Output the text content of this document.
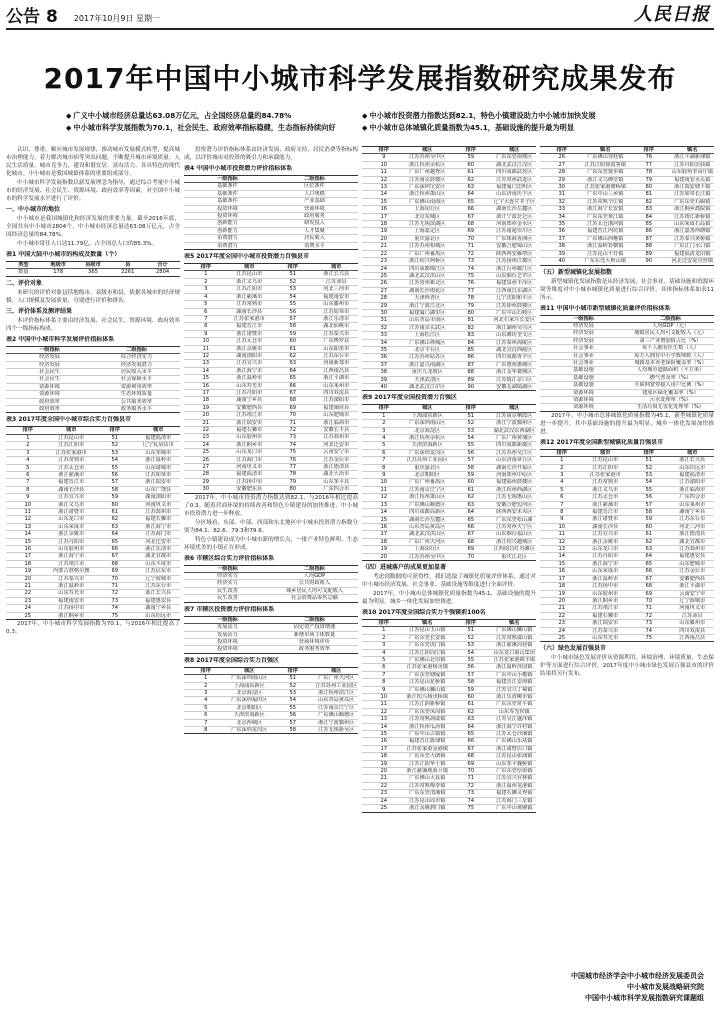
公告 8 2017年10月9日 星期一	人民日报
2017年中国中小城市科学发展指数研究成果发布
◆ 广义中小城市经济总量达63.08万亿元，占全国经济总量的84.78%
◆ 中小城市科学发展指数为70.1，社会民生、政府效率指标稳健，生态指标持续向好
◆ 中小城市投资潜力指数达到82.1，特色小镇建设助力中小城市加快发展
◆ 中小城市总体城镇化质量指数为45.1，基础设施的提升最为明显

认识、尊重、顺应城市发展规律，推动城市发展模式转型，提高城市治理能力，着力解决城市病等突出问题，不断提升城市环境质量、人民生活质量、城市竞争力，建设和谐宜居、富有活力、各具特色的现代化城市。中小城市是我国城镇体系的重要组成部分。

中小城市科学发展指数以新发展理念为指导，通过综合考量中小城市的经济发展、社会民生、资源环境、政府效率等因素，对全国中小城市的科学发展水平进行了评价。

一、中小城市的地位

中小城市是我国城镇化和经济发展的重要力量。截至2016年底，全国共有中小城市2804个，中小城市经济总量达63.08万亿元，占全国经济总量的84.78%。

中小城市常住人口达11.79亿，占全国总人口的85.3%。

表1 中国大陆中小城市的构成及数量（个）
类型	地级市	县级市	县	合计
数量	178	365	2261	2804
二、评价对象

本研究的评价对象包括地级市、县级市和县，依据各城市的经济规模、人口规模及发展质量，分别进行评价和排名。

三、评价体系及测评结果

本评价指标体系主要由经济发展、社会民生、资源环境、政府效率四个一级指标构成。

表2 中国中小城市科学发展评价指标体系
一级指标	二级指标
经济发展	综合经济实力
经济发展	经济发展潜力
社会民生	居民收入水平
社会民生	社会保障水平
资源环境	资源利用效率
资源环境	生态环境质量
政府效率	公共服务效率
政府效率	政务服务水平
表3 2017年度全国中小城市综合实力百强县市
排序	城市	排序	城市
1	江苏昆山市	51	福建福清市
2	江苏江阴市	52	辽宁瓦房店市
3	江苏张家港市	53	山东邹城市
4	江苏常熟市	54	浙江温岭市
5	江苏太仓市	55	山东诸城市
6	浙江慈溪市	56	江苏如皋市
7	福建晋江市	57	浙江瑞安市
8	湖南长沙县	58	山东广饶县
9	江苏宜兴市	59	湖南浏阳市
10	浙江义乌市	60	河南巩义市
11	浙江诸暨市	61	江苏邳州市
12	山东龙口市	62	福建石狮市
13	山东荣成市	63	浙江海宁市
14	浙江余姚市	64	江苏海门市
15	江苏丹阳市	65	河北迁安市
16	山东胶州市	66	浙江乐清市
17	浙江海宁市	67	湖北宜都市
18	江苏靖江市	68	山东平度市
19	内蒙古准格尔旗	69	江苏启东市
20	江苏泰兴市	70	辽宁海城市
21	浙江温岭市	71	江苏东台市
22	山东寿光市	72	浙江长兴县
23	福建南安市	73	福建惠安县
24	江苏扬中市	74	湖南宁乡县
25	浙江桐乡市	75	山东招远市

2017年，中小城市科学发展指数为70.1，与2016年相比提高了0.3。

投资潜力评价指标体系由经济发展、政府支持、居民消费等指标构成，以评价城市对投资的吸引力和承载能力。

表4 中国中小城市投资潜力评价指标体系
一级指标	二级指标
基础条件	区位条件
基础条件	人口规模
基础条件	产业基础
投资环境	营商环境
投资环境	政府服务
创新能力	研发投入
创新能力	人才集聚
消费潜力	居民收入
消费潜力	消费水平
表5 2017年度全国中小城市投资潜力百强县市
排序	城市	排序	城市
1	江苏昆山市	51	浙江长兴县
2	浙江义乌市	52	江苏沛县
3	江苏江阴市	53	河北三河市
4	浙江慈溪市	54	福建南安市
5	江苏常熟市	55	山东滕州市
6	湖南长沙县	56	江苏如皋市
7	江苏张家港市	57	浙江乐清市
8	福建晋江市	58	湖北仙桃市
9	浙江诸暨市	59	江苏泰兴市
10	江苏太仓市	60	广东博罗县
11	浙江余姚市	61	山东即墨市
12	湖南浏阳市	62	江苏东台市
13	江苏宜兴市	63	河南新郑市
14	浙江海宁市	64	江西南昌县
15	浙江温岭市	65	浙江平湖市
16	山东寿光市	66	山东莱州市
17	江苏丹阳市	67	四川双流县
18	湖南宁乡县	68	江苏溧阳市
19	安徽肥西县	69	福建闽侯县
20	江苏靖江市	70	山东肥城市
21	浙江瑞安市	71	浙江临海市
22	福建石狮市	72	安徽长丰县
23	山东胶州市	73	江苏邳州市
24	浙江桐乡市	74	河北迁安市
25	山东龙口市	75	云南安宁市
26	江苏海门市	76	江苏金坛市
27	河南巩义市	77	浙江德清县
28	福建福清市	78	湖北大冶市
29	江苏扬中市	79	山东邹平县
30	安徽肥东县	80	广东四会市

2017年，中小城市投资潜力指数达到82.1，与2016年相比提高了0.3。随着营商环境的持续改善和特色小镇建设的加快推进，中小城市投资潜力进一步释放。

分区域看，东部、中部、西部和东北地区中小城市投资潜力指数分别为84.1、82.6、79.3和79.6。

特色小镇建设成为中小城市新的增长点，一批产业特色鲜明、生态环境优美的小镇正在形成。

表6 市辖区综合实力评价指标体系
一级指标	二级指标
经济实力	人均GDP
经济实力	公共财政收入
民生改善	城乡居民人均可支配收入
民生改善	社会消费品零售总额
表7 市辖区投资潜力评价指标体系
一级指标	二级指标
发展活力	固定资产投资增速
发展活力	新增市场主体数量
投资环境	营商环境评价
投资环境	政务服务效率
表8 2017年度全国综合实力百强区
排序	城区	排序	城区
1	广东深圳南山区	51	广东广州天河区
2	上海浦东新区	52	江苏苏州工业园区
3	北京海淀区	53	浙江杭州滨江区
4	广东深圳福田区	54	山东青岛黄岛区
5	北京朝阳区	55	江苏南京江宁区
6	天津滨海新区	56	广东佛山顺德区
7	北京西城区	57	浙江宁波鄞州区
8	广东深圳龙岗区	58	江苏无锡新吴区
排序	城区	排序	城区
9	江苏苏州吴中区	59	广东东莞南城区
10	浙江杭州余杭区	60	湖北武汉江汉区
11	广东广州越秀区	61	四川成都武侯区
12	江苏南京鼓楼区	62	江苏常州武进区
13	广东深圳宝安区	63	福建厦门思明区
14	浙江杭州萧山区	64	山东济南历下区
15	广东佛山南海区	65	辽宁大连甘井子区
16	上海闵行区	66	湖南长沙岳麓区
17	北京东城区	67	浙江宁波北仑区
18	江苏无锡滨湖区	68	河南郑州金水区
19	上海嘉定区	69	江苏南通崇川区
20	重庆渝北区	70	广东珠海香洲区
21	江苏苏州相城区	71	安徽合肥蜀山区
22	广东广州番禺区	72	陕西西安雁塔区
23	浙江绍兴柯桥区	73	江苏扬州江都区
24	四川成都锦江区	74	浙江台州椒江区
25	湖北武汉洪山区	75	山东烟台芝罘区
26	江苏常州新北区	76	福建泉州丰泽区
27	湖南长沙雨花区	77	江西南昌东湖区
28	天津西青区	78	辽宁沈阳和平区
29	浙江宁波江北区	79	江苏徐州鼓楼区
30	福建厦门湖里区	80	广东中山石岐区
31	山东青岛市南区	81	河北石家庄长安区
32	江苏南京玄武区	82	浙江湖州吴兴区
33	上海松江区	83	山东潍坊奎文区
34	广东佛山禅城区	84	江苏泰州海陵区
35	北京丰台区	85	湖北宜昌西陵区
36	江苏苏州姑苏区	86	四川成都青羊区
37	浙江嘉兴南湖区	87	广东惠州惠城区
38	重庆九龙坡区	88	浙江金华婺城区
39	天津武清区	89	江苏镇江京口区
40	湖北武汉江岸区	90	安徽芜湖镜湖区
表9 2017年度全国投资潜力百强区
排序	城区	排序	城区
1	上海浦东新区	51	江苏南京栖霞区
2	广东深圳南山区	52	浙江宁波鄞州区
3	北京海淀区	53	湖北武汉东西湖区
4	浙江杭州余杭区	54	广东广州黄埔区
5	天津滨海新区	55	四川成都新都区
6	广东深圳龙岗区	56	江苏苏州吴江区
7	江苏苏州工业园区	57	山东济南章丘区
8	重庆渝北区	58	湖南长沙开福区
9	北京朝阳区	59	河南郑州中原区
10	广东广州番禺区	60	福建福州鼓楼区
11	江苏南京江宁区	61	浙江杭州西湖区
12	浙江杭州萧山区	62	江苏无锡惠山区
13	广东佛山顺德区	63	安徽合肥包河区
14	四川成都高新区	64	陕西西安未央区
15	湖南长沙岳麓区	65	广东东莞松山湖
16	山东青岛黄岛区	66	江苏常州天宁区
17	湖北武汉洪山区	67	山东烟台福山区
18	广东广州天河区	68	浙江绍兴越城区
19	上海闵行区	69	江西南昌红谷滩区
20	江苏苏州吴中区	70	重庆江北区
（四）进城落户的成果更加显著

考虑到数据的可获得性，我们选取了城镇化质量评价体系，通过对中小城市经济发展、社会事业、基础设施等维度进行全面评价。

2017年，中小城市总体城镇化质量指数为45.1，基础设施的提升最为明显，城乡一体化发展加快推进。

表10 2017年度全国综合实力千强镇前100名
排序	镇名	排序	镇名
1	江苏昆山玉山镇	51	广东佛山狮山镇
2	广东东莞长安镇	52	江苏常熟虞山镇
3	广东东莞虎门镇	53	浙江慈溪周巷镇
4	江苏江阴周庄镇	54	山东龙口南山集团
5	广东佛山北滘镇	55	江苏张家港锦丰镇
6	江苏张家港杨舍镇	56	浙江温岭泽国镇
7	广东东莞塘厦镇	57	广东中山小榄镇
8	江苏昆山花桥镇	58	福建晋江安海镇
9	广东佛山狮山镇	59	江苏宜兴丁蜀镇
10	浙江绍兴杨汛桥镇	60	浙江乐清柳市镇
11	江苏江阴新桥镇	61	广东东莞常平镇
12	广东东莞凤岗镇	62	山东寿光侯镇
13	江苏常熟海虞镇	63	江苏吴江盛泽镇
14	浙江杭州瓜沥镇	64	浙江海宁许村镇
15	广东中山古镇镇	65	江苏太仓沙溪镇
16	福建晋江陈埭镇	66	广东佛山乐从镇
17	江苏张家港金港镇	67	浙江诸暨店口镇
18	广东东莞大朗镇	68	江苏昆山张浦镇
19	江苏江阴华士镇	69	山东邹平魏桥镇
20	浙江慈溪观海卫镇	70	广东东莞厚街镇
21	广东佛山大良镇	71	江苏宜兴官林镇
22	江苏常熟梅李镇	72	浙江温州龙港镇
23	广东东莞清溪镇	73	福建石狮灵秀镇
24	江苏昆山周市镇	74	江苏海门三星镇
25	浙江余姚泗门镇	75	广东中山黄圃镇
排序	镇名	排序	镇名
26	广东佛山容桂镇	76	浙江平湖新埭镇
27	江苏江阴徐霞客镇	77	江苏丹阳访仙镇
28	广东东莞寮步镇	78	山东胶州李哥庄镇
29	浙江义乌佛堂镇	79	福建南安水头镇
30	江苏张家港塘桥镇	80	浙江瑞安塘下镇
31	广东中山三乡镇	81	江苏如皋长江镇
32	江苏常熟辛庄镇	82	广东东莞石碣镇
33	浙江海宁长安镇	83	浙江桐乡濮院镇
34	广东东莞黄江镇	84	江苏靖江新桥镇
35	江苏太仓浏河镇	85	山东荣成石岛镇
36	福建晋江内坑镇	86	浙江嘉善西塘镇
37	广东佛山西樵镇	87	江苏泰兴黄桥镇
38	浙江温岭箬横镇	88	广东江门水口镇
39	江苏昆山千灯镇	89	福建福清龙田镇
40	广东东莞大岭山镇	90	河北迁安夏官营镇
（五）新型城镇化发展指数

新型城镇化发展指数是从经济发展、社会事业、基础设施和资源环境等维度对中小城市城镇化质量进行综合评价，具体指标体系如表11所示。

表11 中国中小城市新型城镇化质量评价指标体系
一级指标	二级指标
经济发展	人均GDP（元）
经济发展	城镇居民人均可支配收入（元）
经济发展	第三产业增加值占比（%）
社会事业	每千人拥有医生数（人）
社会事业	每万人拥有中小学教师数（人）
社会事业	城镇基本养老保险覆盖率（%）
基础设施	人均城市道路面积（平方米）
基础设施	燃气普及率（%）
基础设施	互联网宽带接入用户比例（%）
资源环境	建成区绿化覆盖率（%）
资源环境	污水处理率（%）
资源环境	生活垃圾无害化处理率（%）

2017年，中小城市总体城镇化质量指数为45.1，新型城镇化质量进一步提升，其中基础设施的提升最为明显，城乡一体化发展加快推进。

表12 2017年度全国新型城镇化质量百强县市
排序	城市	排序	城市
1	江苏昆山市	51	浙江长兴县
2	江苏江阴市	52	山东招远市
3	江苏张家港市	53	福建福清市
4	江苏常熟市	54	江苏溧阳市
5	浙江义乌市	55	浙江临海市
6	江苏太仓市	56	广东四会市
7	浙江慈溪市	57	山东莱州市
8	福建晋江市	58	湖南宁乡县
9	浙江诸暨市	59	江苏东台市
10	湖南长沙县	60	河北三河市
11	江苏宜兴市	61	浙江德清县
12	浙江余姚市	62	湖北宜都市
13	山东龙口市	63	江苏邳州市
14	江苏丹阳市	64	福建惠安县
15	浙江海宁市	65	山东肥城市
16	山东荣成市	66	江苏金坛市
17	浙江温岭市	67	安徽肥西县
18	江苏扬中市	68	浙江平湖市
19	山东胶州市	69	云南安宁市
20	浙江桐乡市	70	辽宁海城市
21	江苏靖江市	71	河南巩义市
22	福建石狮市	72	江苏沛县
23	浙江瑞安市	73	山东滕州市
24	江苏泰兴市	74	四川双流县
25	山东寿光市	75	江西南昌县
（六）绿色发展百强县市

中小城市绿色发展评价从资源利用、环境治理、环境质量、生态保护等方面进行综合评价，2017年度中小城市绿色发展百强县市的评价结果将另行发布。

中国城市经济学会中小城市经济发展委员会
中小城市发展战略研究院
中国中小城市科学发展指数研究课题组
